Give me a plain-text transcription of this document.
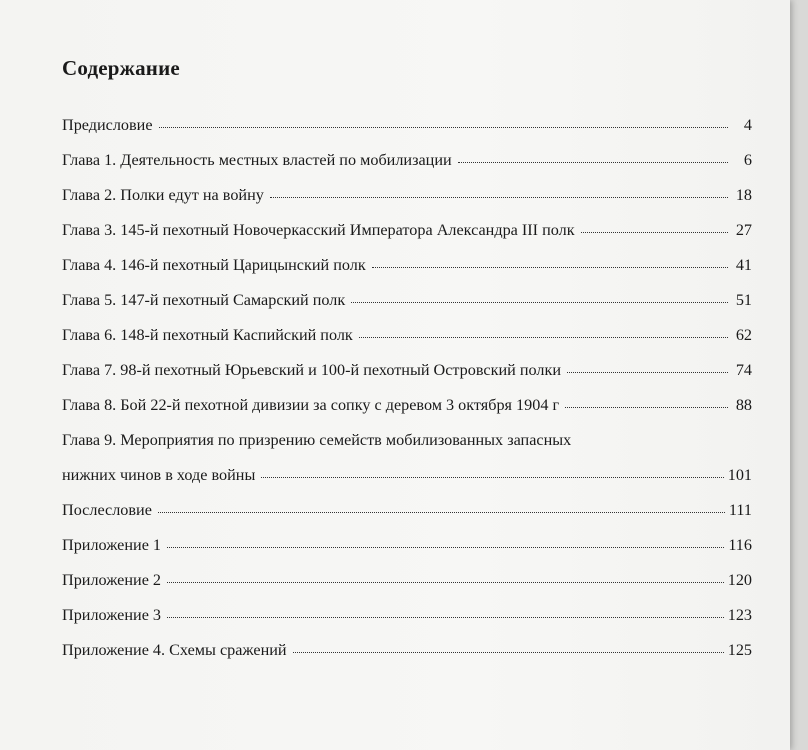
Содержание
Предисловие	4
Глава 1. Деятельность местных властей по мобилизации	6
Глава 2. Полки едут на войну	18
Глава 3. 145-й пехотный Новочеркасский Императора Александра III полк	27
Глава 4. 146-й пехотный Царицынский полк	41
Глава 5. 147-й пехотный Самарский полк	51
Глава 6. 148-й пехотный Каспийский полк	62
Глава 7. 98-й пехотный Юрьевский и 100-й пехотный Островский полки	74
Глава 8. Бой 22-й пехотной дивизии за сопку с деревом 3 октября 1904 г	88
Глава 9. Мероприятия по призрению семейств мобилизованных запасных
нижних чинов в ходе войны	101
Послесловие	111
Приложение 1	116
Приложение 2	120
Приложение 3	123
Приложение 4. Схемы сражений	125
